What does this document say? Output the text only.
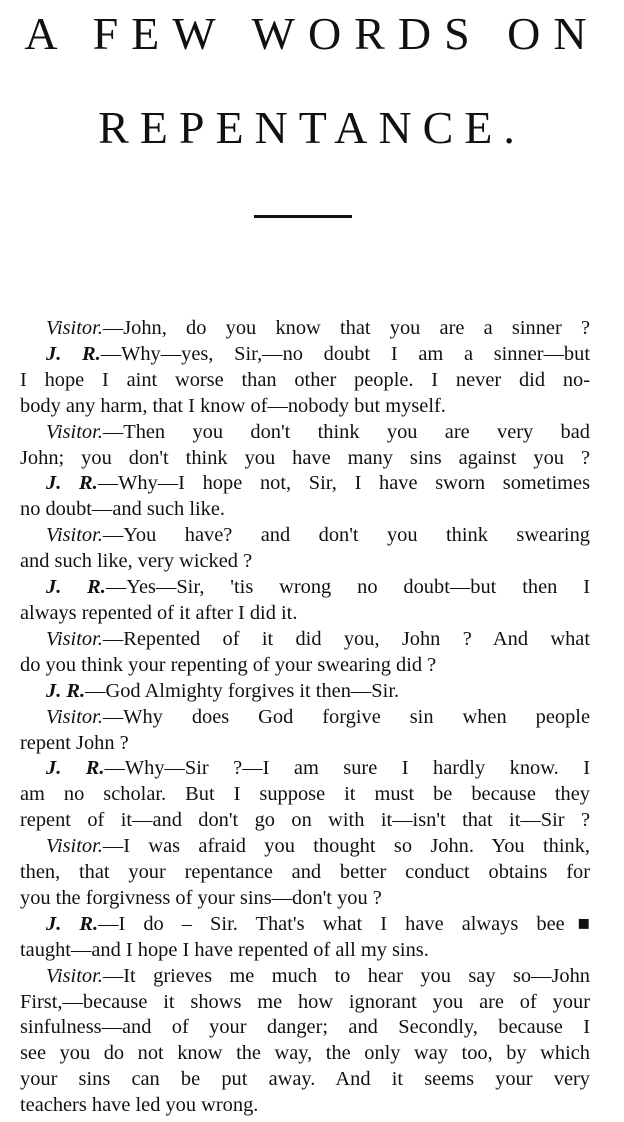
A FEW WORDS ON
REPENTANCE.
Visitor.—John, do you know that you are a sinner ?
J. R.—Why—yes, Sir,—no doubt I am a sinner—but
I hope I aint worse than other people. I never did no-
body any harm, that I know of—nobody but myself.
Visitor.—Then you don't think you are very bad
John; you don't think you have many sins against you ?
J. R.—Why—I hope not, Sir, I have sworn sometimes
no doubt—and such like.
Visitor.—You have? and don't you think swearing
and such like, very wicked ?
J. R.—Yes—Sir, 'tis wrong no doubt—but then I
always repented of it after I did it.
Visitor.—Repented of it did you, John ? And what
do you think your repenting of your swearing did ?
J. R.—God Almighty forgives it then—Sir.
Visitor.—Why does God forgive sin when people
repent John ?
J. R.—Why—Sir ?—I am sure I hardly know. I
am no scholar. But I suppose it must be because they
repent of it—and don't go on with it—isn't that it—Sir ?
Visitor.—I was afraid you thought so John. You think,
then, that your repentance and better conduct obtains for
you the forgivness of your sins—don't you ?
J. R.—I do – Sir. That's what I have always bee■
taught—and I hope I have repented of all my sins.
Visitor.—It grieves me much to hear you say so—John
First,—because it shows me how ignorant you are of your
sinfulness—and of your danger; and Secondly, because I
see you do not know the way, the only way too, by which
your sins can be put away. And it seems your very
teachers have led you wrong.
